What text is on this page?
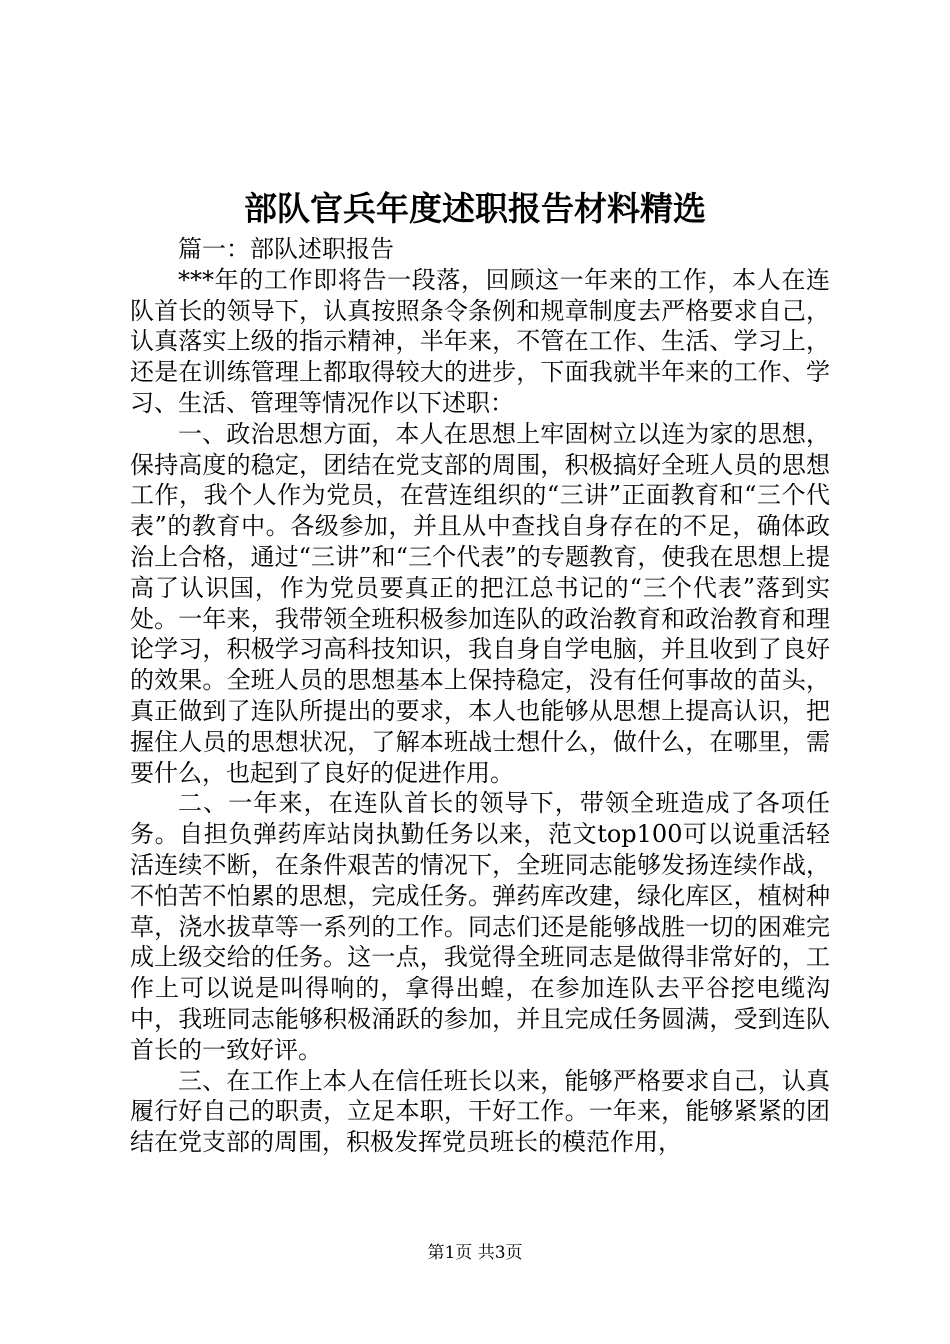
部队官兵年度述职报告材料精选

篇一：部队述职报告

***年的工作即将告一段落，回顾这一年来的工作，本人在连队首长的领导下，认真按照条令条例和规章制度去严格要求自己，认真落实上级的指示精神，半年来，不管在工作、生活、学习上，还是在训练管理上都取得较大的进步，下面我就半年来的工作、学习、生活、管理等情况作以下述职：

一、政治思想方面，本人在思想上牢固树立以连为家的思想，保持高度的稳定，团结在党支部的周围，积极搞好全班人员的思想工作，我个人作为党员，在营连组织的“三讲”正面教育和“三个代表”的教育中。各级参加，并且从中查找自身存在的不足，确体政治上合格，通过“三讲”和“三个代表”的专题教育，使我在思想上提高了认识国，作为党员要真正的把江总书记的“三个代表”落到实处。一年来，我带领全班积极参加连队的政治教育和政治教育和理论学习，积极学习高科技知识，我自身自学电脑，并且收到了良好的效果。全班人员的思想基本上保持稳定，没有任何事故的苗头，真正做到了连队所提出的要求，本人也能够从思想上提高认识，把握住人员的思想状况，了解本班战士想什么，做什么，在哪里，需要什么，也起到了良好的促进作用。

二、一年来，在连队首长的领导下，带领全班造成了各项任务。自担负弹药库站岗执勤任务以来，范文top100可以说重活轻活连续不断，在条件艰苦的情况下，全班同志能够发扬连续作战，不怕苦不怕累的思想，完成任务。弹药库改建，绿化库区，植树种草，浇水拔草等一系列的工作。同志们还是能够战胜一切的困难完成上级交给的任务。这一点，我觉得全班同志是做得非常好的，工作上可以说是叫得响的，拿得出蝗，在参加连队去平谷挖电缆沟中，我班同志能够积极涌跃的参加，并且完成任务圆满，受到连队首长的一致好评。

三、在工作上本人在信任班长以来，能够严格要求自己，认真履行好自己的职责，立足本职，干好工作。一年来，能够紧紧的团结在党支部的周围，积极发挥党员班长的模范作用，

第1页 共3页
